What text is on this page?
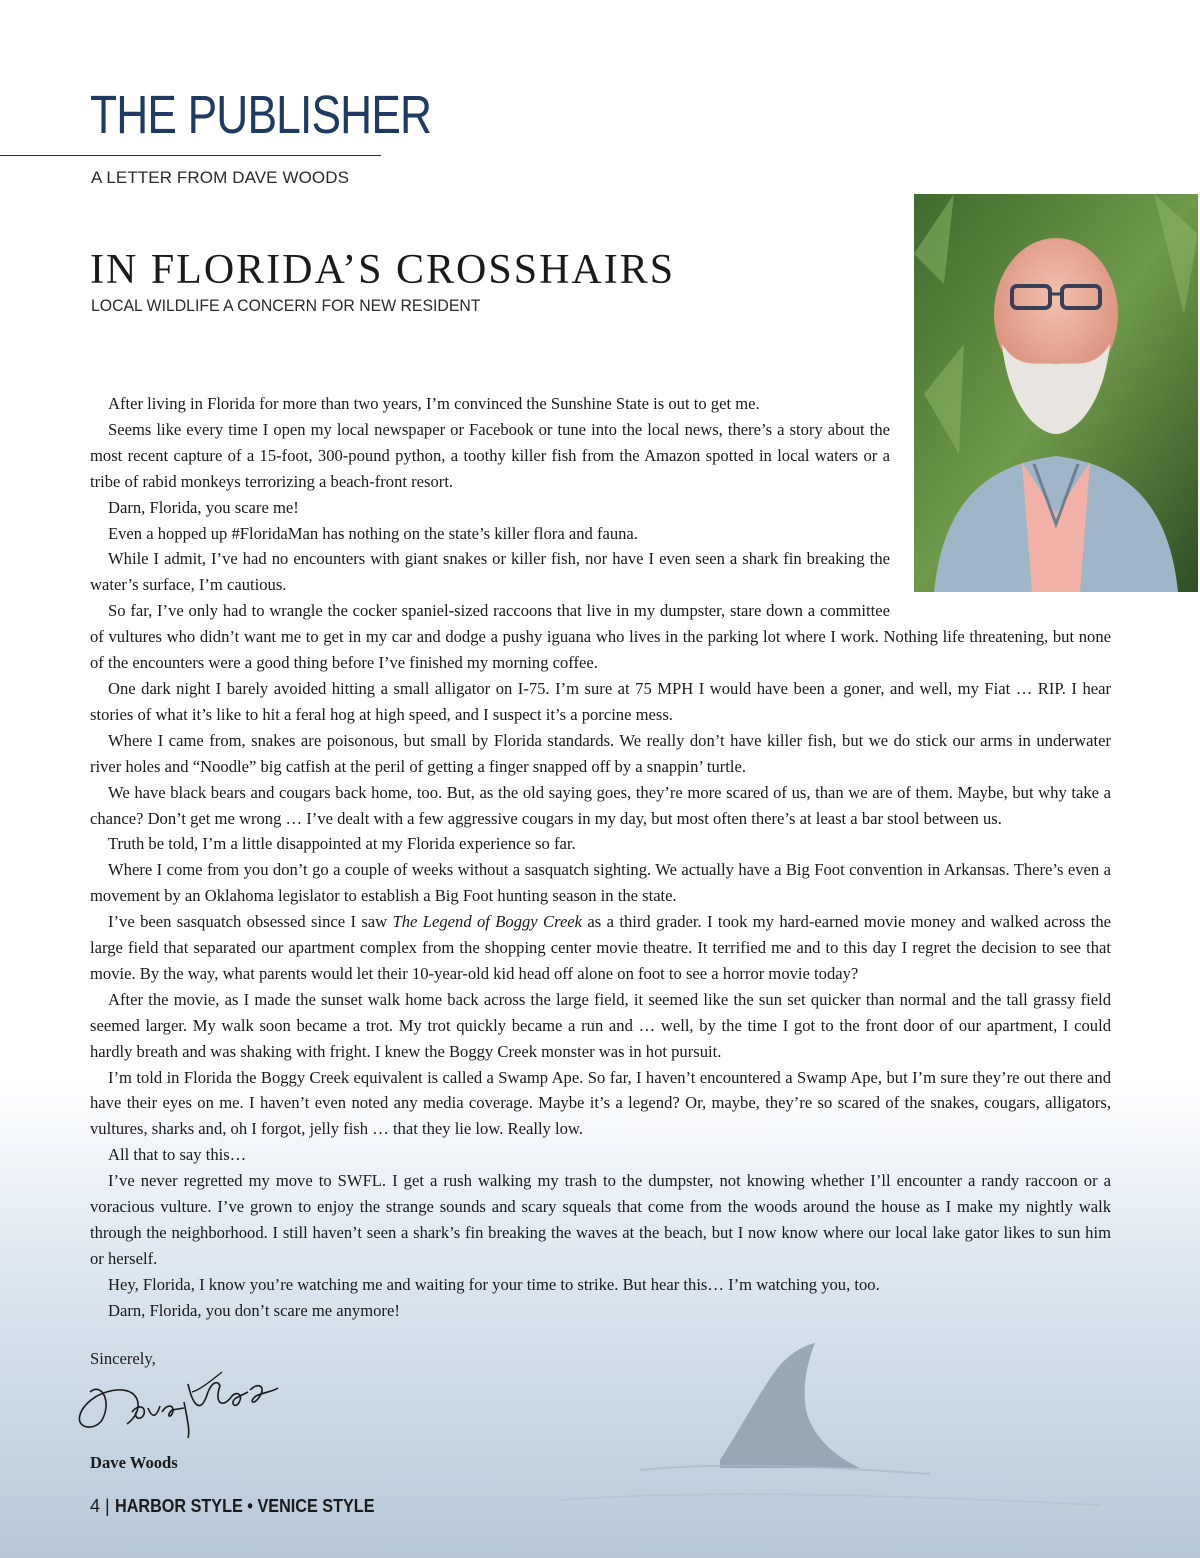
THE PUBLISHER
A LETTER FROM DAVE WOODS
IN FLORIDA’S CROSSHAIRS
LOCAL WILDLIFE A CONCERN FOR NEW RESIDENT

After living in Florida for more than two years, I’m convinced the Sunshine State is out to get me.

Seems like every time I open my local newspaper or Facebook or tune into the local news, there’s a story about the most recent capture of a 15-foot, 300-pound python, a toothy killer fish from the Amazon spotted in local waters or a tribe of rabid monkeys terrorizing a beach-front resort.

Darn, Florida, you scare me!

Even a hopped up #FloridaMan has nothing on the state’s killer flora and fauna.

While I admit, I’ve had no encounters with giant snakes or killer fish, nor have I even seen a shark fin breaking the water’s surface, I’m cautious.

So far, I’ve only had to wrangle the cocker spaniel-sized raccoons that live in my dumpster, stare down a committee of vultures who didn’t want me to get in my car and dodge a pushy iguana who lives in the parking lot where I work. Nothing life threatening, but none of the encounters were a good thing before I’ve finished my morning coffee.

One dark night I barely avoided hitting a small alligator on I-75. I’m sure at 75 MPH I would have been a goner, and well, my Fiat … RIP. I hear stories of what it’s like to hit a feral hog at high speed, and I suspect it’s a porcine mess.

Where I came from, snakes are poisonous, but small by Florida standards. We really don’t have killer fish, but we do stick our arms in underwater river holes and “Noodle” big catfish at the peril of getting a finger snapped off by a snappin’ turtle.

We have black bears and cougars back home, too. But, as the old saying goes, they’re more scared of us, than we are of them. Maybe, but why take a chance? Don’t get me wrong … I’ve dealt with a few aggressive cougars in my day, but most often there’s at least a bar stool between us.

Truth be told, I’m a little disappointed at my Florida experience so far.

Where I come from you don’t go a couple of weeks without a sasquatch sighting. We actually have a Big Foot convention in Arkansas. There’s even a movement by an Oklahoma legislator to establish a Big Foot hunting season in the state.

I’ve been sasquatch obsessed since I saw The Legend of Boggy Creek as a third grader. I took my hard-earned movie money and walked across the large field that separated our apartment complex from the shopping center movie theatre. It terrified me and to this day I regret the decision to see that movie. By the way, what parents would let their 10-year-old kid head off alone on foot to see a horror movie today?

After the movie, as I made the sunset walk home back across the large field, it seemed like the sun set quicker than normal and the tall grassy field seemed larger. My walk soon became a trot. My trot quickly became a run and … well, by the time I got to the front door of our apartment, I could hardly breath and was shaking with fright. I knew the Boggy Creek monster was in hot pursuit.

I’m told in Florida the Boggy Creek equivalent is called a Swamp Ape. So far, I haven’t encountered a Swamp Ape, but I’m sure they’re out there and have their eyes on me. I haven’t even noted any media coverage. Maybe it’s a legend? Or, maybe, they’re so scared of the snakes, cougars, alligators, vultures, sharks and, oh I forgot, jelly fish … that they lie low. Really low.

All that to say this…

I’ve never regretted my move to SWFL. I get a rush walking my trash to the dumpster, not knowing whether I’ll encounter a randy raccoon or a voracious vulture. I’ve grown to enjoy the strange sounds and scary squeals that come from the woods around the house as I make my nightly walk through the neighborhood. I still haven’t seen a shark’s fin breaking the waves at the beach, but I now know where our local lake gator likes to sun him or herself.

Hey, Florida, I know you’re watching me and waiting for your time to strike. But hear this… I’m watching you, too.

Darn, Florida, you don’t scare me anymore!

Sincerely,
Dave Woods
4 | HARBOR STYLE • VENICE STYLE
